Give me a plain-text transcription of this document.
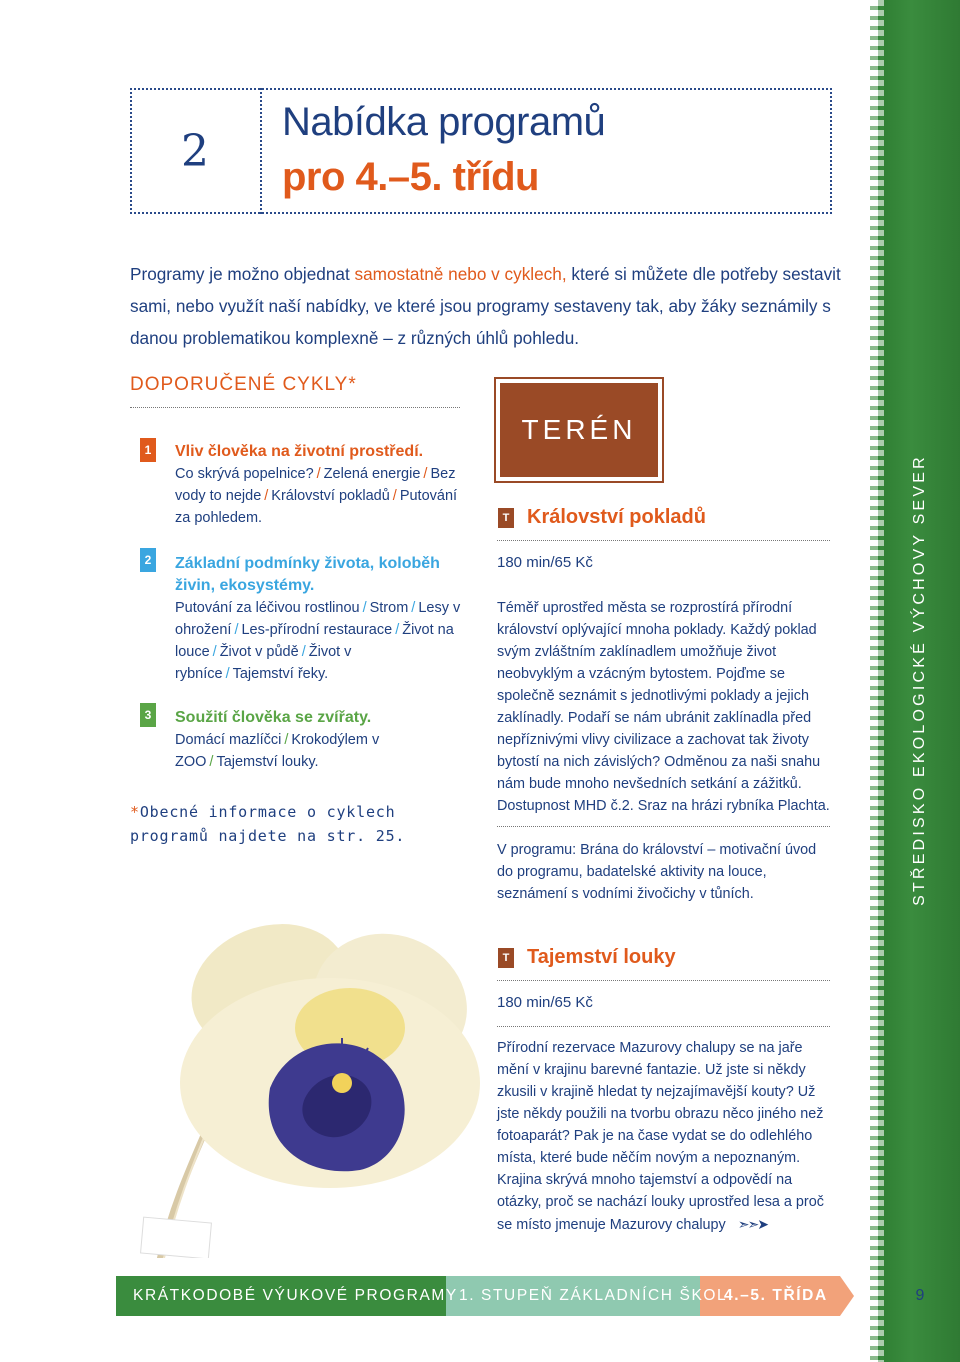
2
Nabídka programů
pro 4.–5. třídu
Programy je možno objednat samostatně nebo v cyklech, které si můžete dle potřeby sestavit sami, nebo využít naší nabídky, ve které jsou programy sestaveny tak, aby žáky seznámily s danou problematikou komplexně – z různých úhlů pohledu.
DOPORUČENÉ CYKLY*
1 Vliv člověka na životní prostředí.
Co skrývá popelnice? / Zelená energie / Bez vody to nejde / Království pokladů / Putování za pohledem.
2 Základní podmínky života, koloběh živin, ekosystémy.
Putování za léčivou rostlinou / Strom / Lesy v ohrožení / Les-přírodní restaurace / Život na louce / Život v půdě / Život v rybníce / Tajemství řeky.
3 Soužití člověka se zvířaty.
Domácí mazlíčci / Krokodýlem v ZOO / Tajemství louky.
*Obecné informace o cyklech programů najdete na str. 25.
TERÉN
T Království pokladů
180 min/65 Kč
Téměř uprostřed města se rozprostírá přírodní království oplývající mnoha poklady. Každý poklad svým zvláštním zaklínadlem umožňuje život neobvyklým a vzácným bytostem. Pojďme se společně seznámit s jednotlivými poklady a jejich zaklínadly. Podaří se nám ubránit zaklínadla před nepříznivými vlivy civilizace a zachovat tak životy bytostí na nich závislých? Odměnou za naši snahu nám bude mnoho nevšedních setkání a zážitků.
Dostupnost MHD č.2. Sraz na hrázi rybníka Plachta.
V programu: Brána do království – motivační úvod do programu, badatelské aktivity na louce, seznámení s vodními živočichy v tůních.
T Tajemství louky
180 min/65 Kč
Přírodní rezervace Mazurovy chalupy se na jaře mění v krajinu barevné fantazie. Už jste si někdy zkusili v krajině hledat ty nejzajímavější kouty? Už jste někdy použili na tvorbu obrazu něco jiného než fotoaparát? Pak je na čase vydat se do odlehlého místa, které bude něčím novým a nepoznaným. Krajina skrývá mnoho tajemství a odpovědí na otázky, proč se nachází louky uprostřed lesa a proč se místo jmenuje Mazurovy chalupy ➣➣➤
STŘEDISKO EKOLOGICKÉ VÝCHOVY SEVER
KRÁTKODOBÉ VÝUKOVÉ PROGRAMY 1. STUPEŇ ZÁKLADNÍCH ŠKOL
4.–5. TŘÍDA	9
